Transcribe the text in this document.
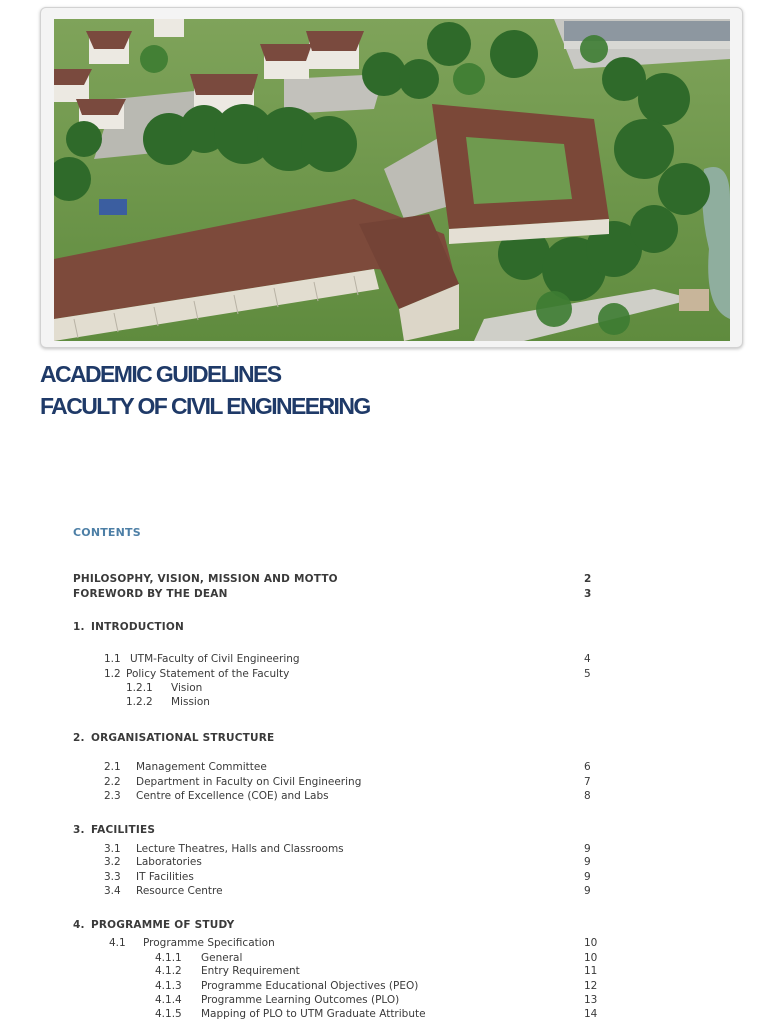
ACADEMIC GUIDELINES
FACULTY OF CIVIL ENGINEERING
CONTENTS
PHILOSOPHY, VISION, MISSION AND MOTTO	2
FOREWORD BY THE DEAN	3
1. INTRODUCTION
1.1 UTM-Faculty of Civil Engineering	4
1.2 Policy Statement of the Faculty	5
1.2.1 Vision
1.2.2 Mission
2. ORGANISATIONAL STRUCTURE
2.1 Management Committee	6
2.2 Department in Faculty on Civil Engineering	7
2.3 Centre of Excellence (COE) and Labs	8
3. FACILITIES
3.1 Lecture Theatres, Halls and Classrooms	9
3.2 Laboratories	9
3.3 IT Facilities	9
3.4 Resource Centre	9
4. PROGRAMME OF STUDY
4.1 Programme Specification	10
4.1.1 General	10
4.1.2 Entry Requirement	11
4.1.3 Programme Educational Objectives (PEO)	12
4.1.4 Programme Learning Outcomes (PLO)	13
4.1.5 Mapping of PLO to UTM Graduate Attribute	14
